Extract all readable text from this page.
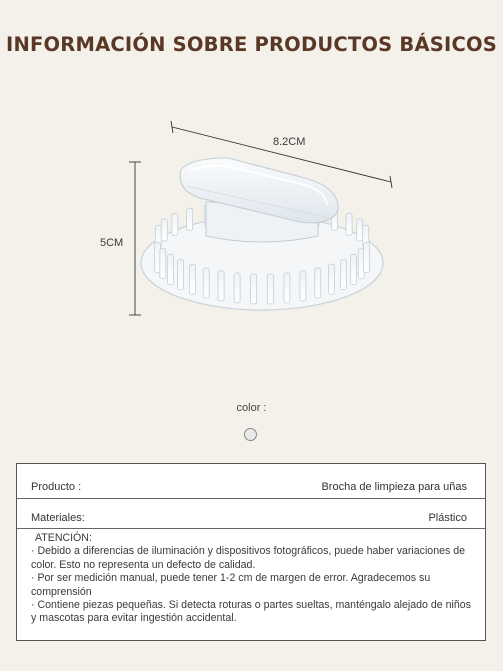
INFORMACIÓN SOBRE PRODUCTOS BÁSICOS
8.2CM
5CM
color :
Producto :	Brocha de limpieza para uñas
Materiales:	Plástico

ATENCIÓN:

· Debido a diferencias de iluminación y dispositivos fotográficos, puede haber variaciones de color. Esto no representa un defecto de calidad.

· Por ser medición manual, puede tener 1-2 cm de margen de error. Agradecemos su comprensión

· Contiene piezas pequeñas. Si detecta roturas o partes sueltas, manténgalo alejado de niños y mascotas para evitar ingestión accidental.
